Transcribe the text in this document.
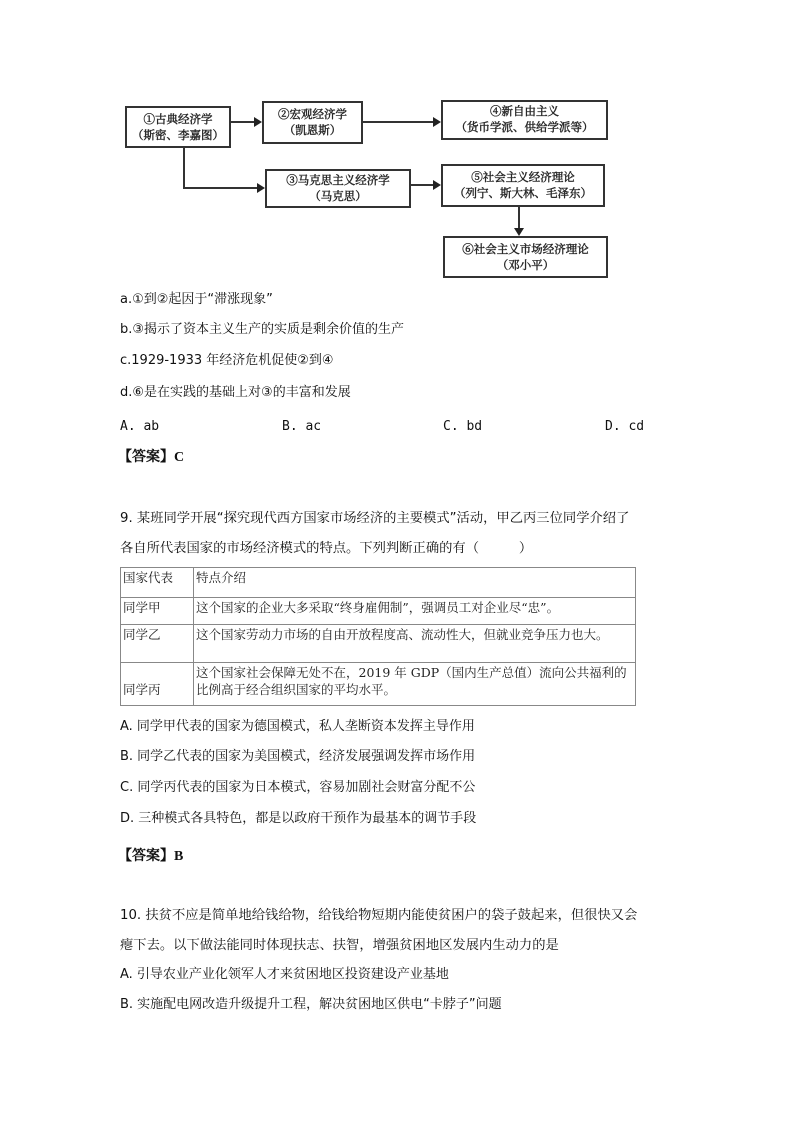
①古典经济学
（斯密、李嘉图）
②宏观经济学
（凯恩斯）
③马克思主义经济学
（马克思）
④新自由主义
（货币学派、供给学派等）
⑤社会主义经济理论
（列宁、斯大林、毛泽东）
⑥社会主义市场经济理论
（邓小平）
a.①到②起因于“滞涨现象”
b.③揭示了资本主义生产的实质是剩余价值的生产
c.1929-1933 年经济危机促使②到④
d.⑥是在实践的基础上对③的丰富和发展
A. ab	B. ac	C. bd	D. cd
【答案】C
9. 某班同学开展“探究现代西方国家市场经济的主要模式”活动，甲乙丙三位同学介绍了
各自所代表国家的市场经济模式的特点。下列判断正确的有（　　　）
国家代表	特点介绍
同学甲	这个国家的企业大多采取“终身雇佣制”，强调员工对企业尽“忠”。
同学乙	这个国家劳动力市场的自由开放程度高、流动性大，但就业竞争压力也大。
同学丙	这个国家社会保障无处不在，2019 年 GDP（国内生产总值）流向公共福利的比例高于经合组织国家的平均水平。
A. 同学甲代表的国家为德国模式，私人垄断资本发挥主导作用
B. 同学乙代表的国家为美国模式，经济发展强调发挥市场作用
C. 同学丙代表的国家为日本模式，容易加剧社会财富分配不公
D. 三种模式各具特色，都是以政府干预作为最基本的调节手段
【答案】B
10. 扶贫不应是简单地给钱给物，给钱给物短期内能使贫困户的袋子鼓起来，但很快又会
瘪下去。以下做法能同时体现扶志、扶智，增强贫困地区发展内生动力的是
A. 引导农业产业化领军人才来贫困地区投资建设产业基地
B. 实施配电网改造升级提升工程，解决贫困地区供电“卡脖子”问题
